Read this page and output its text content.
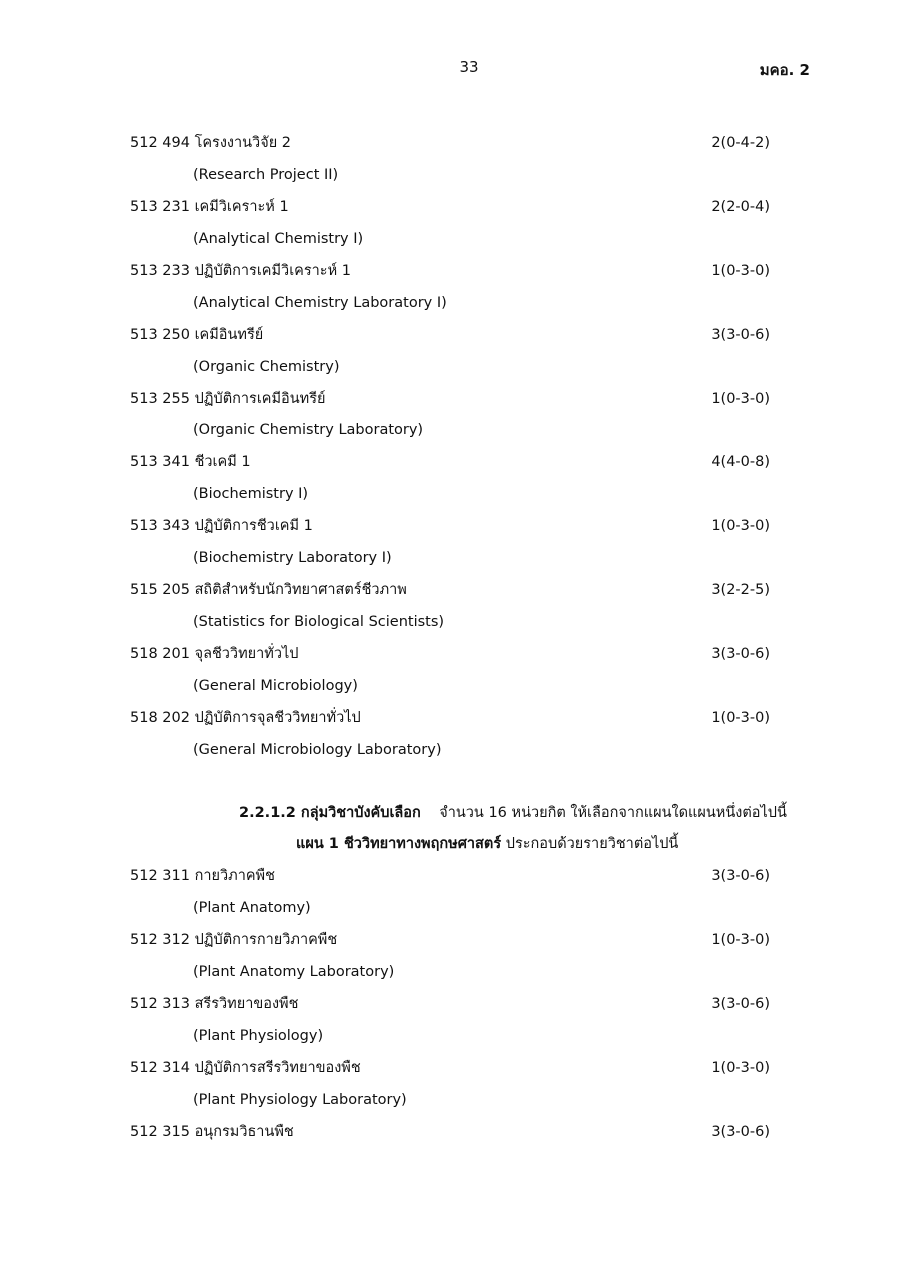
33	มคอ. 2
512 494 โครงงานวิจัย 2	2(0-4-2)
(Research Project II)
513 231 เคมีวิเคราะห์ 1	2(2-0-4)
(Analytical Chemistry I)
513 233 ปฏิบัติการเคมีวิเคราะห์ 1	1(0-3-0)
(Analytical Chemistry Laboratory I)
513 250 เคมีอินทรีย์	3(3-0-6)
(Organic Chemistry)
513 255 ปฏิบัติการเคมีอินทรีย์	1(0-3-0)
(Organic Chemistry Laboratory)
513 341 ชีวเคมี 1	4(4-0-8)
(Biochemistry I)
513 343 ปฏิบัติการชีวเคมี 1	1(0-3-0)
(Biochemistry Laboratory I)
515 205 สถิติสำหรับนักวิทยาศาสตร์ชีวภาพ	3(2-2-5)
(Statistics for Biological Scientists)
518 201 จุลชีววิทยาทั่วไป	3(3-0-6)
(General Microbiology)
518 202 ปฏิบัติการจุลชีววิทยาทั่วไป	1(0-3-0)
(General Microbiology Laboratory)
2.2.1.2 กลุ่มวิชาบังคับเลือก จำนวน 16 หน่วยกิต ให้เลือกจากแผนใดแผนหนึ่งต่อไปนี้
แผน 1 ชีววิทยาทางพฤกษศาสตร์ ประกอบด้วยรายวิชาต่อไปนี้
512 311 กายวิภาคพืช	3(3-0-6)
(Plant Anatomy)
512 312 ปฏิบัติการกายวิภาคพืช	1(0-3-0)
(Plant Anatomy Laboratory)
512 313 สรีรวิทยาของพืช	3(3-0-6)
(Plant Physiology)
512 314 ปฏิบัติการสรีรวิทยาของพืช	1(0-3-0)
(Plant Physiology Laboratory)
512 315 อนุกรมวิธานพืช	3(3-0-6)
